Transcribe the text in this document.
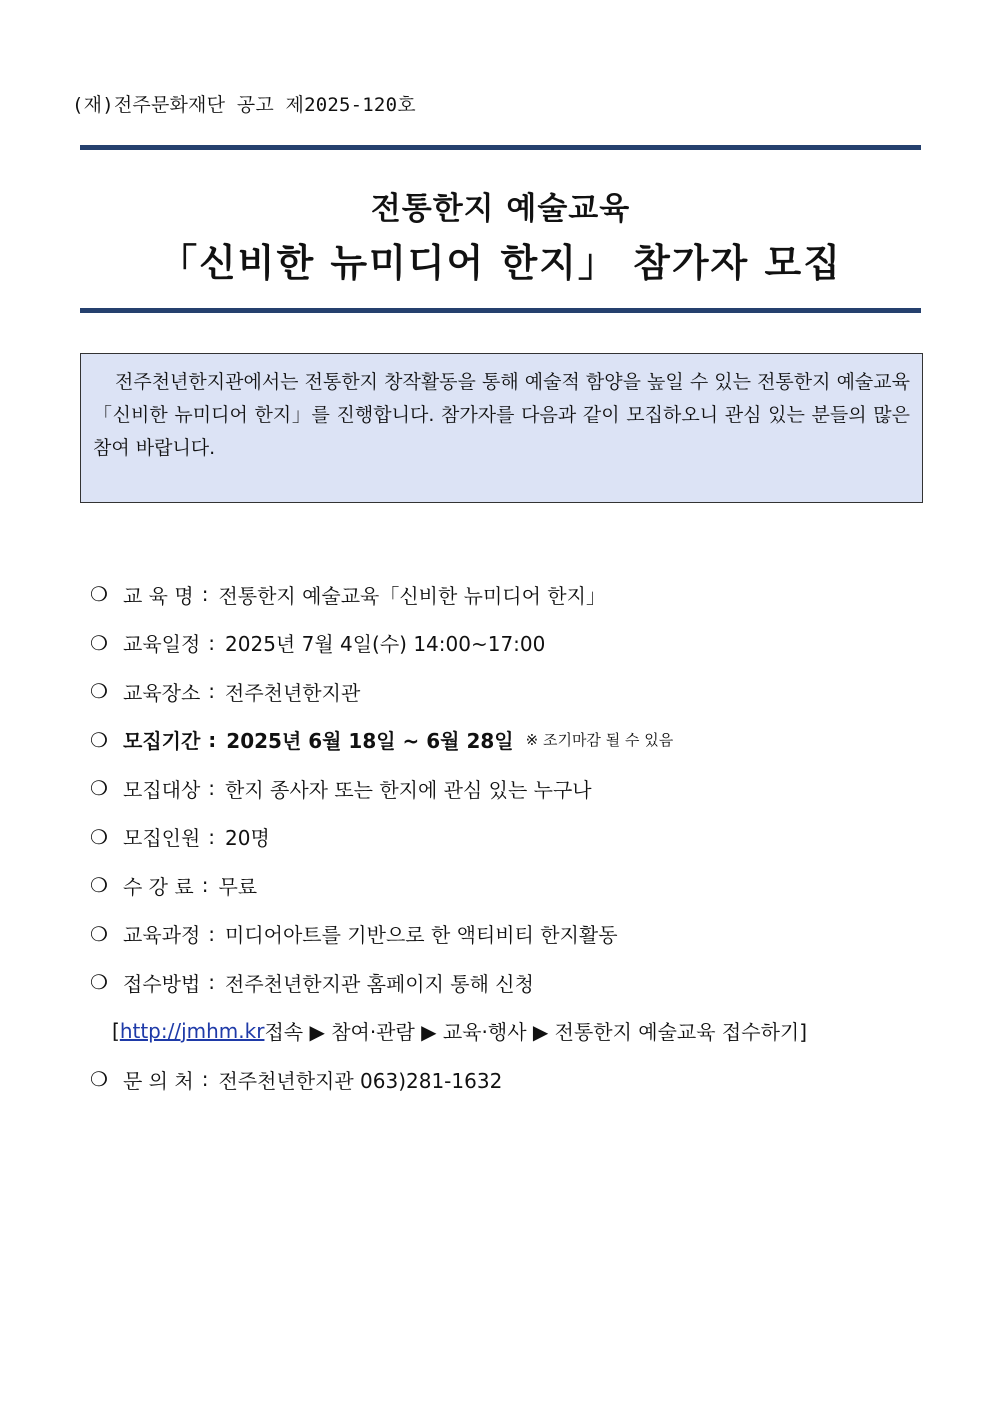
(재)전주문화재단 공고 제2025-120호
전통한지 예술교육
「신비한 뉴미디어 한지」 참가자 모집

전주천년한지관에서는 전통한지 창작활동을 통해 예술적 함양을 높일 수 있는 전통한지 예술교육「신비한 뉴미디어 한지」를 진행합니다. 참가자를 다음과 같이 모집하오니 관심 있는 분들의 많은 참여 바랍니다.

❍ 교 육 명 : 전통한지 예술교육「신비한 뉴미디어 한지」
❍ 교육일정 : 2025년 7월 4일(수) 14:00~17:00
❍ 교육장소 : 전주천년한지관
❍ 모집기간 : 2025년 6월 18일 ~ 6월 28일 ※ 조기마감 될 수 있음
❍ 모집대상 : 한지 종사자 또는 한지에 관심 있는 누구나
❍ 모집인원 : 20명
❍ 수 강 료 : 무료
❍ 교육과정 : 미디어아트를 기반으로 한 액티비티 한지활동
❍ 접수방법 : 전주천년한지관 홈페이지 통해 신청
[ http://jmhm.kr 접속 ▶ 참여·관람 ▶ 교육·행사 ▶ 전통한지 예술교육 접수하기]
❍ 문 의 처 : 전주천년한지관 063)281-1632
